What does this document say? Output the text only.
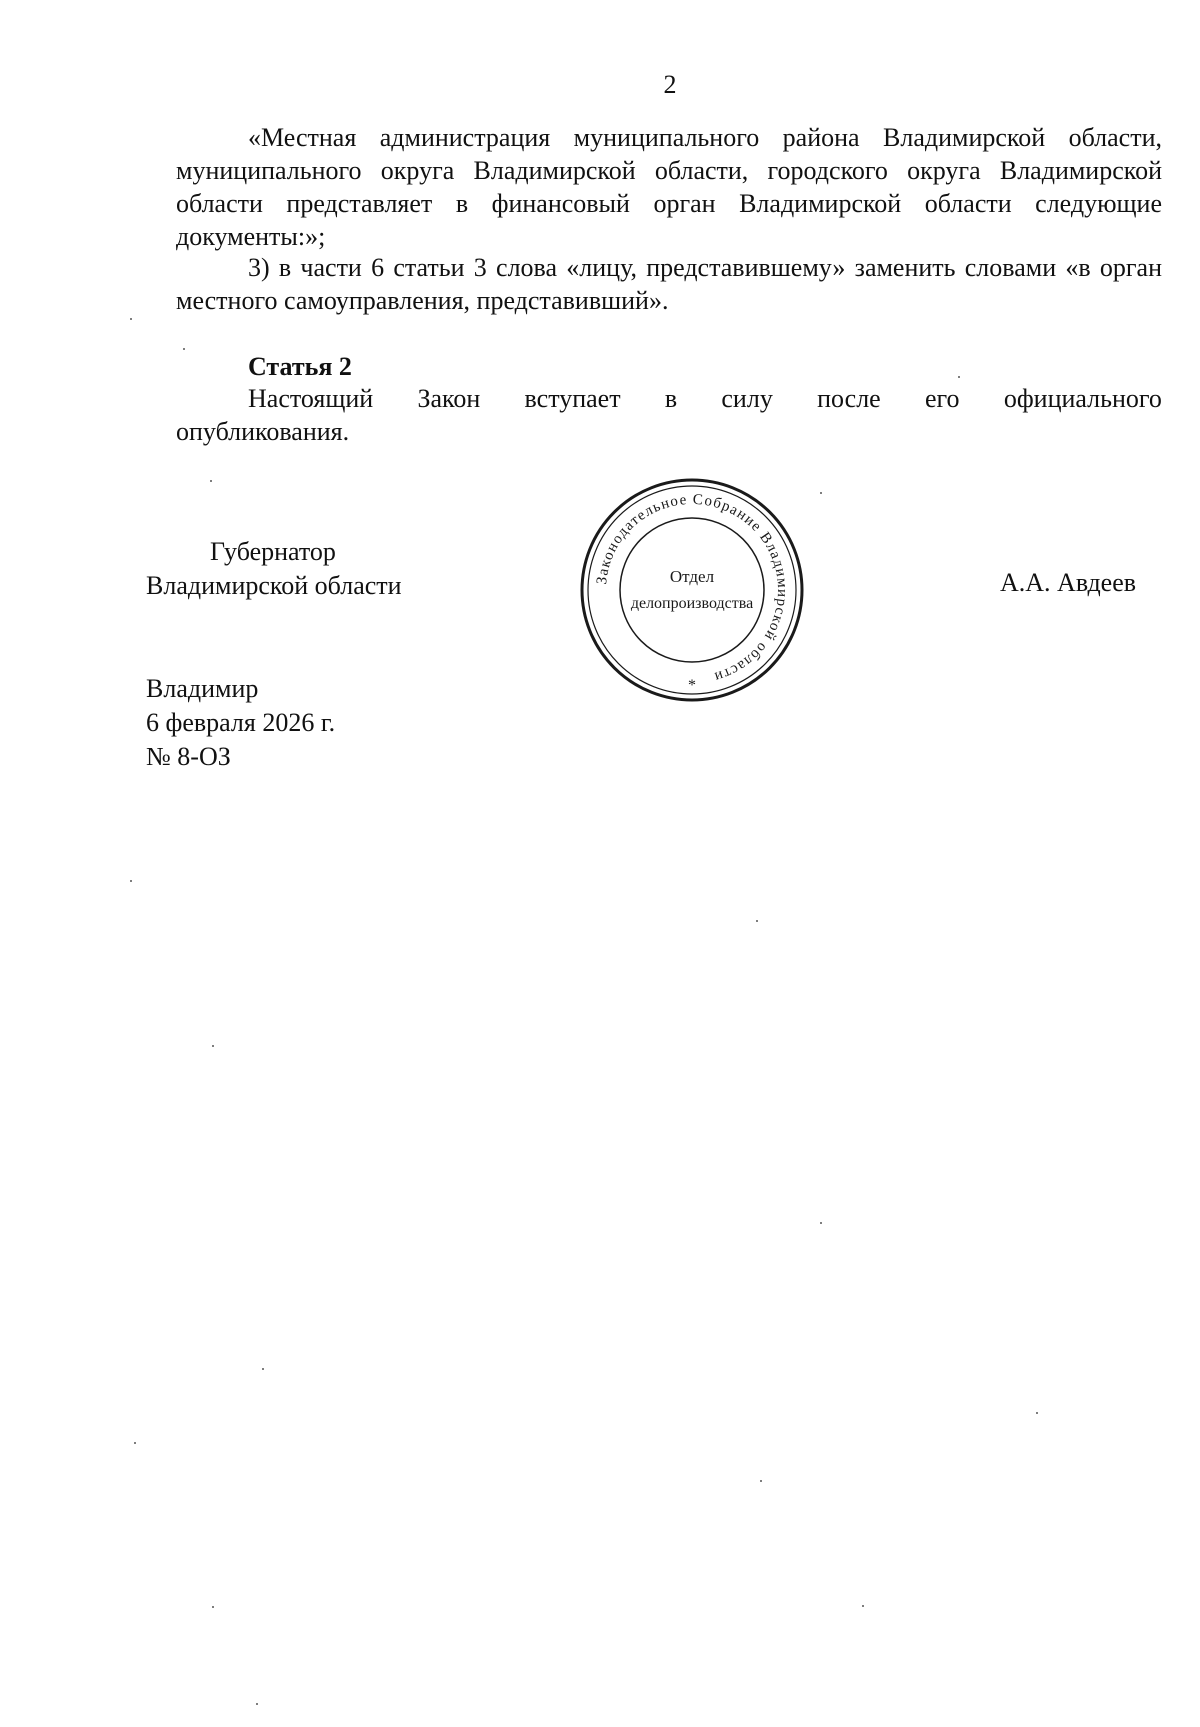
2

«Местная администрация муниципального района Владимирской области, муниципального округа Владимирской области, городского округа Владимирской области представляет в финансовый орган Владимирской области следующие документы:»;

3) в части 6 статьи 3 слова «лицу, представившему» заменить словами «в орган местного самоуправления, представивший».

Статья 2
Настоящий Закон вступает в силу после его официального
опубликования.
Губернатор
Владимирской области	А.А. Авдеев
Законодательное Собрание Владимирской области
Отдел
делопроизводства
*
Владимир
6 февраля 2026 г.
№ 8-ОЗ
